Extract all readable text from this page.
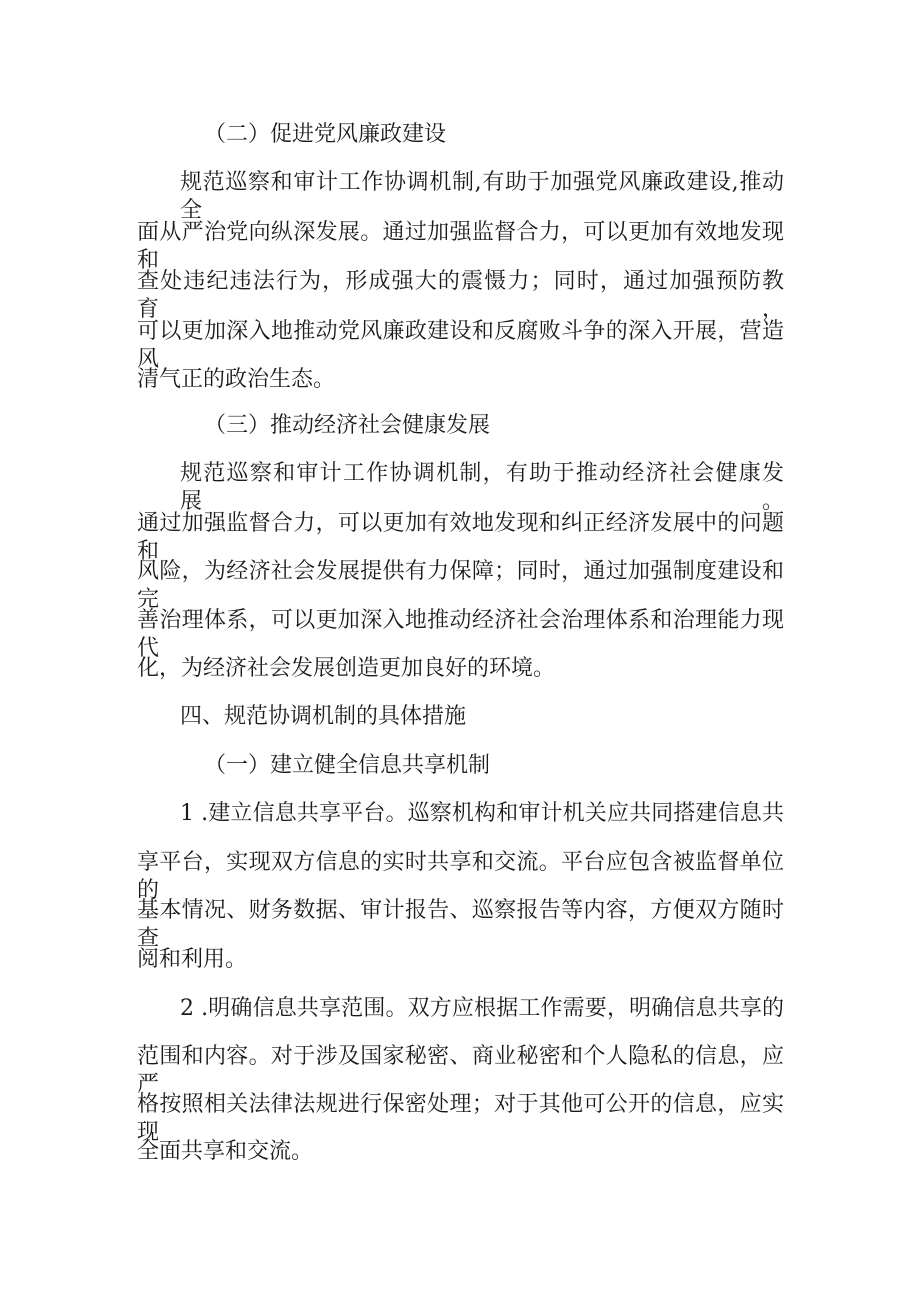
（二）促进党风廉政建设

规范巡察和审计工作协调机制,有助于加强党风廉政建设,推动全

面从严治党向纵深发展。通过加强监督合力，可以更加有效地发现和

查处违纪违法行为，形成强大的震慑力；同时，通过加强预防教育，

可以更加深入地推动党风廉政建设和反腐败斗争的深入开展，营造风

清气正的政治生态。

（三）推动经济社会健康发展

规范巡察和审计工作协调机制，有助于推动经济社会健康发展。

通过加强监督合力，可以更加有效地发现和纠正经济发展中的问题和

风险，为经济社会发展提供有力保障；同时，通过加强制度建设和完

善治理体系，可以更加深入地推动经济社会治理体系和治理能力现代

化，为经济社会发展创造更加良好的环境。

四、规范协调机制的具体措施

（一）建立健全信息共享机制

1 .建立信息共享平台。巡察机构和审计机关应共同搭建信息共

享平台，实现双方信息的实时共享和交流。平台应包含被监督单位的

基本情况、财务数据、审计报告、巡察报告等内容，方便双方随时查

阅和利用。

2 .明确信息共享范围。双方应根据工作需要，明确信息共享的

范围和内容。对于涉及国家秘密、商业秘密和个人隐私的信息，应严

格按照相关法律法规进行保密处理；对于其他可公开的信息，应实现

全面共享和交流。
